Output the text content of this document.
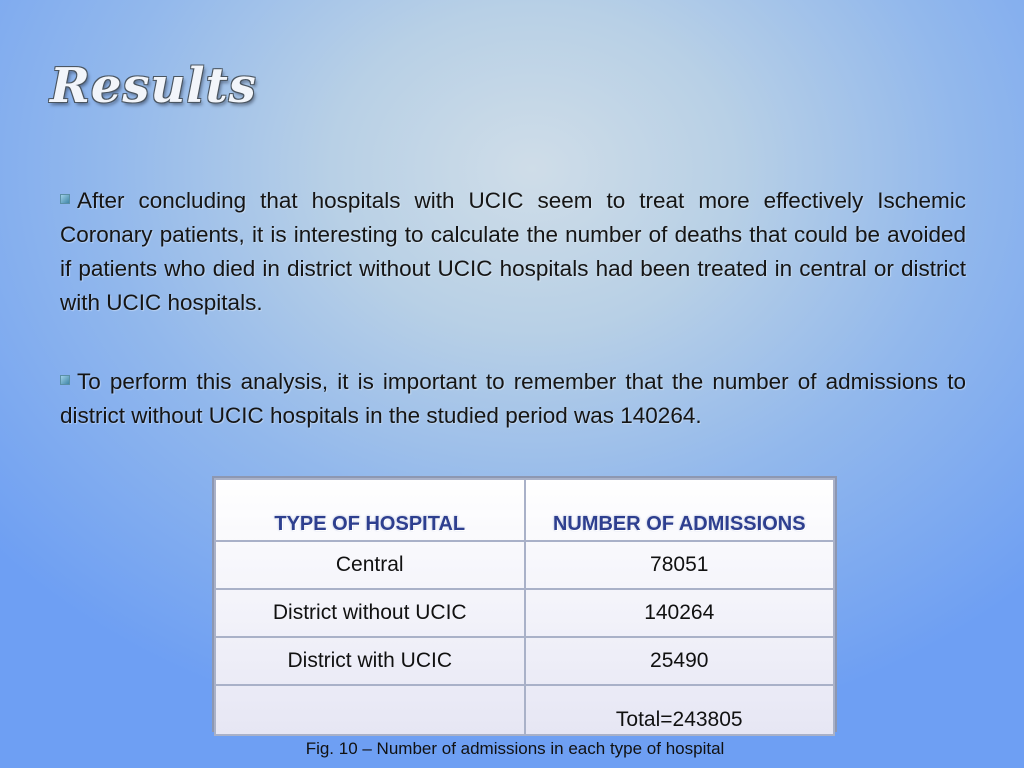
Results

After concluding that hospitals with UCIC seem to treat more effectively Ischemic Coronary patients, it is interesting to calculate the number of deaths that could be avoided if patients who died in district without UCIC hospitals had been treated in central or district with UCIC hospitals.

To perform this analysis, it is important to remember that the number of admissions to district without UCIC hospitals in the studied period was 140264.

TYPE OF HOSPITAL	NUMBER OF ADMISSIONS
Central	78051
District without UCIC	140264
District with UCIC	25490
	Total=243805
Fig. 10 – Number of admissions in each type of hospital
